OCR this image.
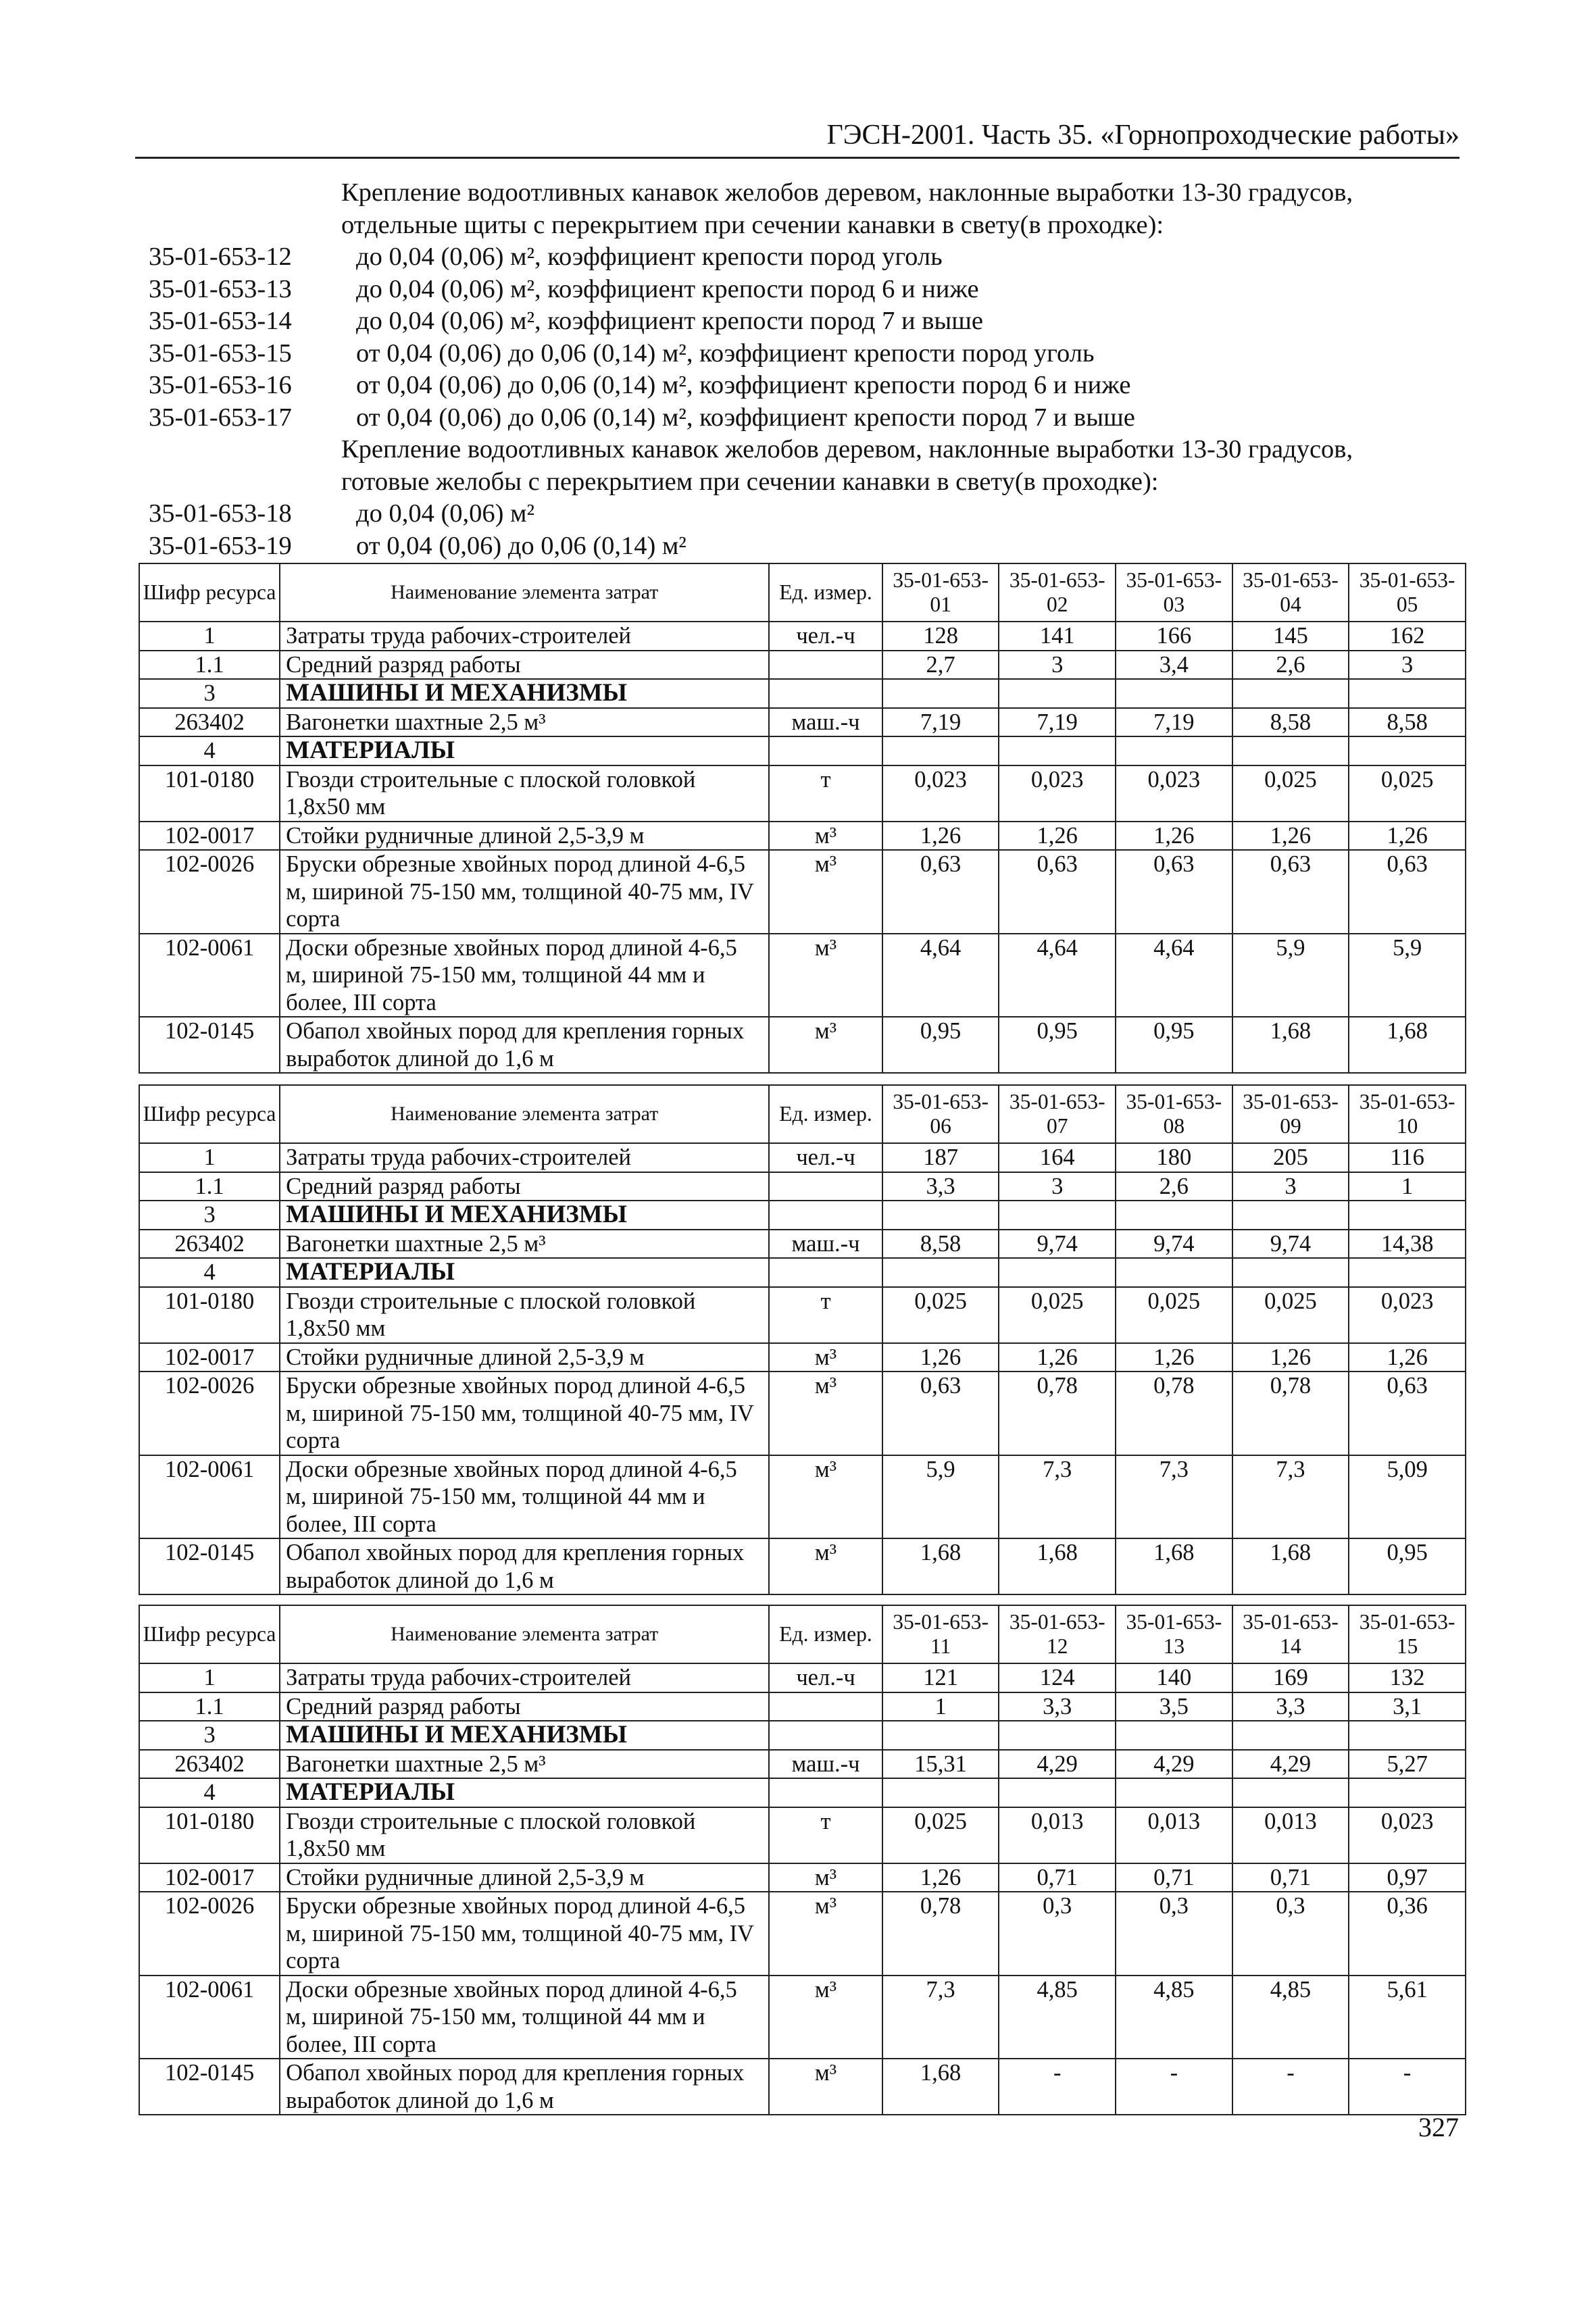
ГЭСН-2001. Часть 35. «Горнопроходческие работы»
Крепление водоотливных канавок желобов деревом, наклонные выработки 13-30 градусов,
отдельные щиты с перекрытием при сечении канавки в свету(в проходке):
35-01-653-12	до 0,04 (0,06) м², коэффициент крепости пород уголь
35-01-653-13	до 0,04 (0,06) м², коэффициент крепости пород 6 и ниже
35-01-653-14	до 0,04 (0,06) м², коэффициент крепости пород 7 и выше
35-01-653-15	от 0,04 (0,06) до 0,06 (0,14) м², коэффициент крепости пород уголь
35-01-653-16	от 0,04 (0,06) до 0,06 (0,14) м², коэффициент крепости пород 6 и ниже
35-01-653-17	от 0,04 (0,06) до 0,06 (0,14) м², коэффициент крепости пород 7 и выше
Крепление водоотливных канавок желобов деревом, наклонные выработки 13-30 градусов,
готовые желобы с перекрытием при сечении канавки в свету(в проходке):
35-01-653-18	до 0,04 (0,06) м²
35-01-653-19	от 0,04 (0,06) до 0,06 (0,14) м²
Шифр ресурса	Наименование элемента затрат	Ед. измер.	35-01-653-01	35-01-653-02	35-01-653-03	35-01-653-04	35-01-653-05
1	Затраты труда рабочих-строителей	чел.-ч	128	141	166	145	162
1.1	Средний разряд работы		2,7	3	3,4	2,6	3
3	МАШИНЫ И МЕХАНИЗМЫ						
263402	Вагонетки шахтные 2,5 м³	маш.-ч	7,19	7,19	7,19	8,58	8,58
4	МАТЕРИАЛЫ						
101-0180	Гвозди строительные с плоской головкой 1,8х50 мм	т	0,023	0,023	0,023	0,025	0,025
102-0017	Стойки рудничные длиной 2,5-3,9 м	м³	1,26	1,26	1,26	1,26	1,26
102-0026	Бруски обрезные хвойных пород длиной 4-6,5 м, шириной 75-150 мм, толщиной 40-75 мм, IV сорта	м³	0,63	0,63	0,63	0,63	0,63
102-0061	Доски обрезные хвойных пород длиной 4-6,5 м, шириной 75-150 мм, толщиной 44 мм и более, III сорта	м³	4,64	4,64	4,64	5,9	5,9
102-0145	Обапол хвойных пород для крепления горных выработок длиной до 1,6 м	м³	0,95	0,95	0,95	1,68	1,68
Шифр ресурса	Наименование элемента затрат	Ед. измер.	35-01-653-06	35-01-653-07	35-01-653-08	35-01-653-09	35-01-653-10
1	Затраты труда рабочих-строителей	чел.-ч	187	164	180	205	116
1.1	Средний разряд работы		3,3	3	2,6	3	1
3	МАШИНЫ И МЕХАНИЗМЫ						
263402	Вагонетки шахтные 2,5 м³	маш.-ч	8,58	9,74	9,74	9,74	14,38
4	МАТЕРИАЛЫ						
101-0180	Гвозди строительные с плоской головкой 1,8х50 мм	т	0,025	0,025	0,025	0,025	0,023
102-0017	Стойки рудничные длиной 2,5-3,9 м	м³	1,26	1,26	1,26	1,26	1,26
102-0026	Бруски обрезные хвойных пород длиной 4-6,5 м, шириной 75-150 мм, толщиной 40-75 мм, IV сорта	м³	0,63	0,78	0,78	0,78	0,63
102-0061	Доски обрезные хвойных пород длиной 4-6,5 м, шириной 75-150 мм, толщиной 44 мм и более, III сорта	м³	5,9	7,3	7,3	7,3	5,09
102-0145	Обапол хвойных пород для крепления горных выработок длиной до 1,6 м	м³	1,68	1,68	1,68	1,68	0,95
Шифр ресурса	Наименование элемента затрат	Ед. измер.	35-01-653-11	35-01-653-12	35-01-653-13	35-01-653-14	35-01-653-15
1	Затраты труда рабочих-строителей	чел.-ч	121	124	140	169	132
1.1	Средний разряд работы		1	3,3	3,5	3,3	3,1
3	МАШИНЫ И МЕХАНИЗМЫ						
263402	Вагонетки шахтные 2,5 м³	маш.-ч	15,31	4,29	4,29	4,29	5,27
4	МАТЕРИАЛЫ						
101-0180	Гвозди строительные с плоской головкой 1,8х50 мм	т	0,025	0,013	0,013	0,013	0,023
102-0017	Стойки рудничные длиной 2,5-3,9 м	м³	1,26	0,71	0,71	0,71	0,97
102-0026	Бруски обрезные хвойных пород длиной 4-6,5 м, шириной 75-150 мм, толщиной 40-75 мм, IV сорта	м³	0,78	0,3	0,3	0,3	0,36
102-0061	Доски обрезные хвойных пород длиной 4-6,5 м, шириной 75-150 мм, толщиной 44 мм и более, III сорта	м³	7,3	4,85	4,85	4,85	5,61
102-0145	Обапол хвойных пород для крепления горных выработок длиной до 1,6 м	м³	1,68	-	-	-	-
327
